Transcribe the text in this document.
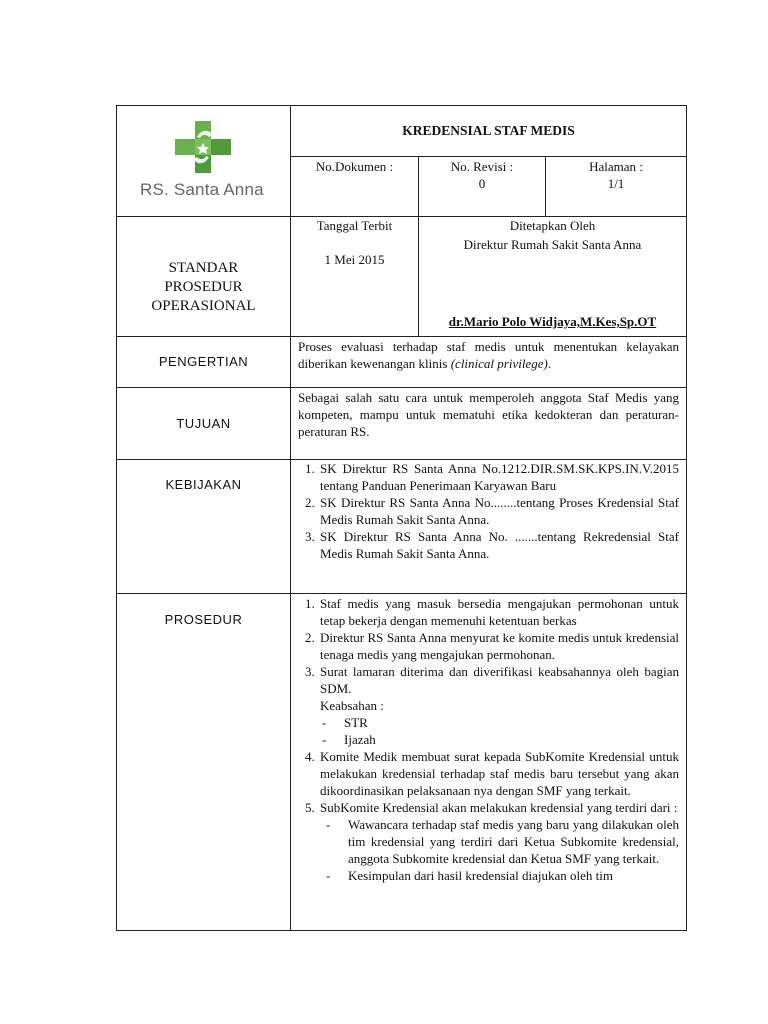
RS. Santa Anna
KREDENSIAL STAF MEDIS
No.Dokumen :	No. Revisi :
0
Halaman :
1/1
STANDAR
PROSEDUR
OPERASIONAL
Tanggal Terbit
1 Mei 2015
Ditetapkan Oleh
Direktur Rumah Sakit Santa Anna
dr.Mario Polo Widjaya,M.Kes,Sp.OT
PENGERTIAN
Proses evaluasi terhadap staf medis untuk menentukan kelayakan diberikan kewenangan klinis (clinical privilege).
TUJUAN
Sebagai salah satu cara untuk memperoleh anggota Staf Medis yang kompeten, mampu untuk mematuhi etika kedokteran dan peraturan-peraturan RS.
KEBIJAKAN
1. SK Direktur RS Santa Anna No.1212.DIR.SM.SK.KPS.IN.V.2015 tentang Panduan Penerimaan Karyawan Baru
2. SK Direktur RS Santa Anna No........tentang Proses Kredensial Staf Medis Rumah Sakit Santa Anna.
3. SK Direktur RS Santa Anna No. .......tentang Rekredensial Staf Medis Rumah Sakit Santa Anna.
PROSEDUR
1. Staf medis yang masuk bersedia mengajukan permohonan untuk tetap bekerja dengan memenuhi ketentuan berkas
2. Direktur RS Santa Anna menyurat ke komite medis untuk kredensial tenaga medis yang mengajukan permohonan.
3. Surat lamaran diterima dan diverifikasi keabsahannya oleh bagian SDM.
Keabsahan :
- STR
- Ijazah
4. Komite Medik membuat surat kepada SubKomite Kredensial untuk melakukan kredensial terhadap staf medis baru tersebut yang akan dikoordinasikan pelaksanaan nya dengan SMF yang terkait.
5. SubKomite Kredensial akan melakukan kredensial yang terdiri dari :
- Wawancara terhadap staf medis yang baru yang dilakukan oleh tim kredensial yang terdiri dari Ketua Subkomite kredensial, anggota Subkomite kredensial dan Ketua SMF yang terkait.
- Kesimpulan dari hasil kredensial diajukan oleh tim
